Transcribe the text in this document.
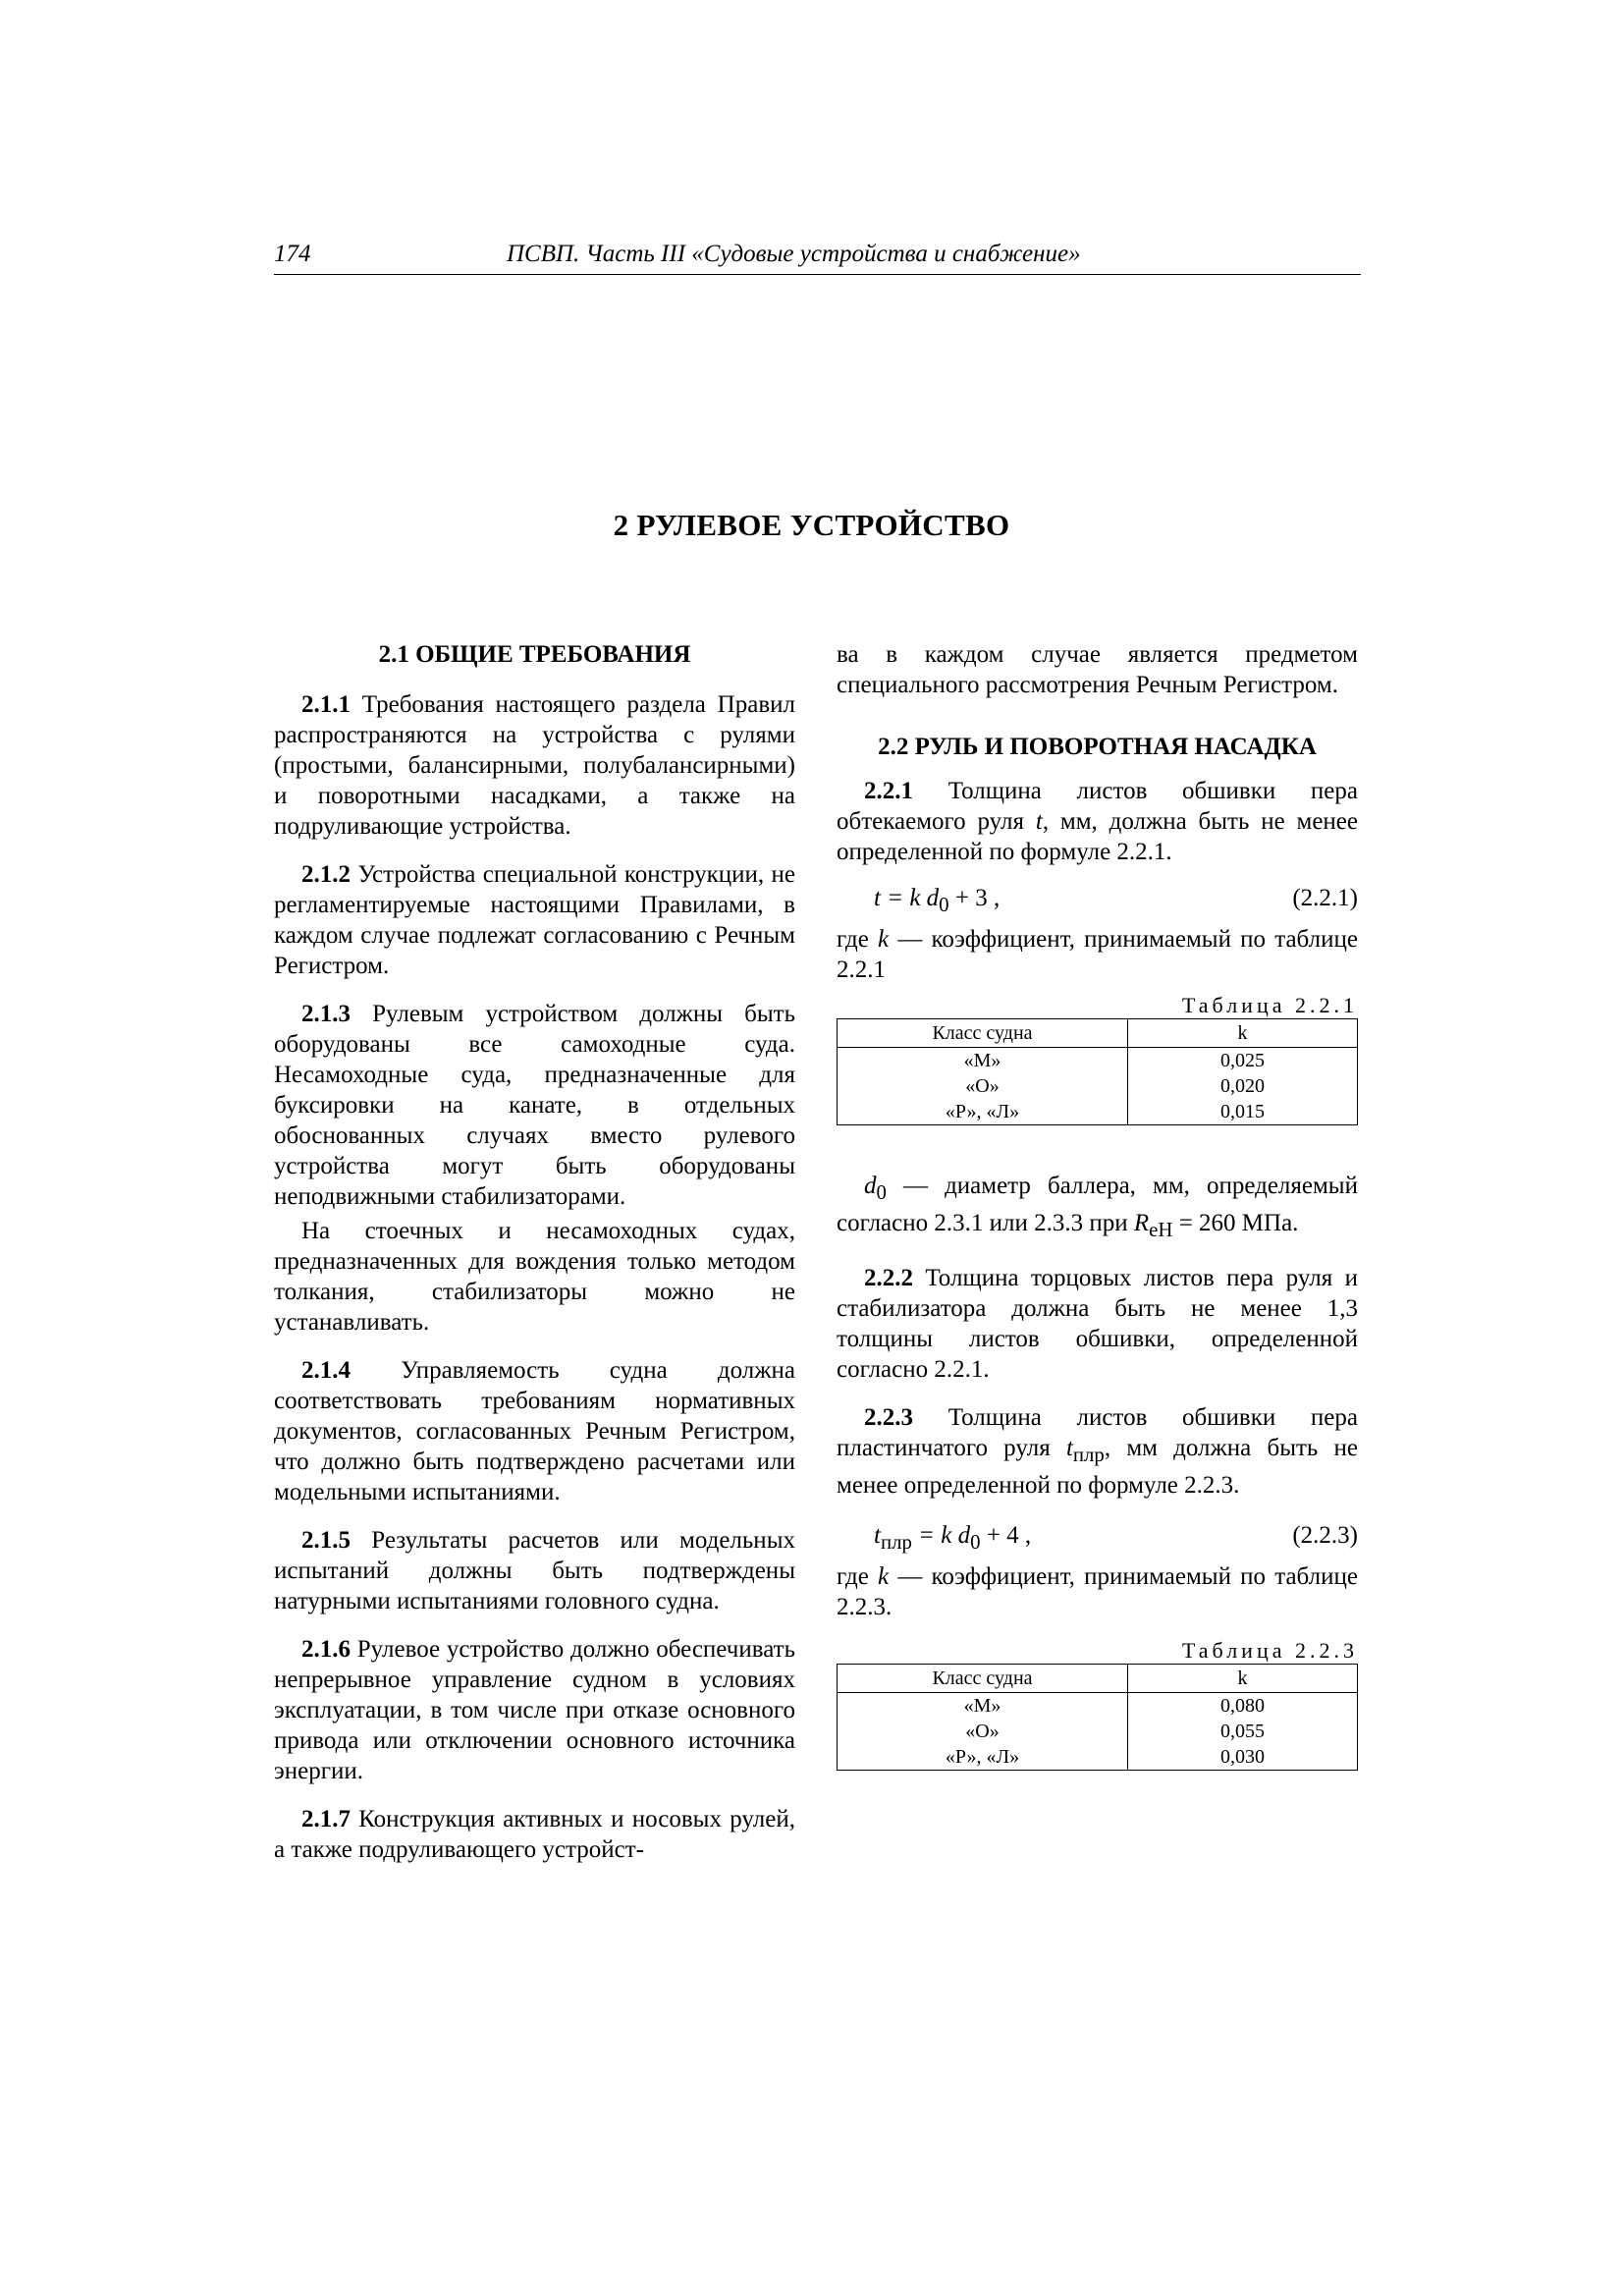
174	ПСВП. Часть III «Судовые устройства и снабжение»
2 РУЛЕВОЕ УСТРОЙСТВО
2.1 ОБЩИЕ ТРЕБОВАНИЯ

2.1.1 Требования настоящего раздела Правил распространяются на устройства с рулями (простыми, балансирными, полубалансирными) и поворотными насадками, а также на подруливающие устройства.

2.1.2 Устройства специальной конструкции, не регламентируемые настоящими Правилами, в каждом случае подлежат согласованию с Речным Регистром.

2.1.3 Рулевым устройством должны быть оборудованы все самоходные суда. Несамоходные суда, предназначенные для буксировки на канате, в отдельных обоснованных случаях вместо рулевого устройства могут быть оборудованы неподвижными стабилизаторами.

На стоечных и несамоходных судах, предназначенных для вождения только методом толкания, стабилизаторы можно не устанавливать.

2.1.4 Управляемость судна должна соответствовать требованиям нормативных документов, согласованных Речным Регистром, что должно быть подтверждено расчетами или модельными испытаниями.

2.1.5 Результаты расчетов или модельных испытаний должны быть подтверждены натурными испытаниями головного судна.

2.1.6 Рулевое устройство должно обеспечивать непрерывное управление судном в условиях эксплуатации, в том числе при отказе основного привода или отключении основного источника энергии.

2.1.7 Конструкция активных и носовых рулей, а также подруливающего устройст-

ва в каждом случае является предметом специального рассмотрения Речным Регистром.

2.2 РУЛЬ И ПОВОРОТНАЯ НАСАДКА

2.2.1 Толщина листов обшивки пера обтекаемого руля t, мм, должна быть не менее определенной по формуле 2.2.1.

t = k $d_0 + 3$ ,	(2.2.1)

где k — коэффициент, принимаемый по таблице 2.2.1

Таблица 2.2.1
Класс судна	k
«М»	0,025
«О»	0,020
«Р», «Л»	0,015

$d_0$ — диаметр баллера, мм, определяемый согласно 2.3.1 или 2.3.3 при $R_{eH} = 260$ МПа.

2.2.2 Толщина торцовых листов пера руля и стабилизатора должна быть не менее 1,3 толщины листов обшивки, определенной согласно 2.2.1.

2.2.3 Толщина листов обшивки пера пластинчатого руля $t_{плр}$, мм должна быть не менее определенной по формуле 2.2.3.

$t_{плр} = k$ $d_0 + 4$ ,	(2.2.3)

где k — коэффициент, принимаемый по таблице 2.2.3.

Таблица 2.2.3
Класс судна	k
«М»	0,080
«О»	0,055
«Р», «Л»	0,030
